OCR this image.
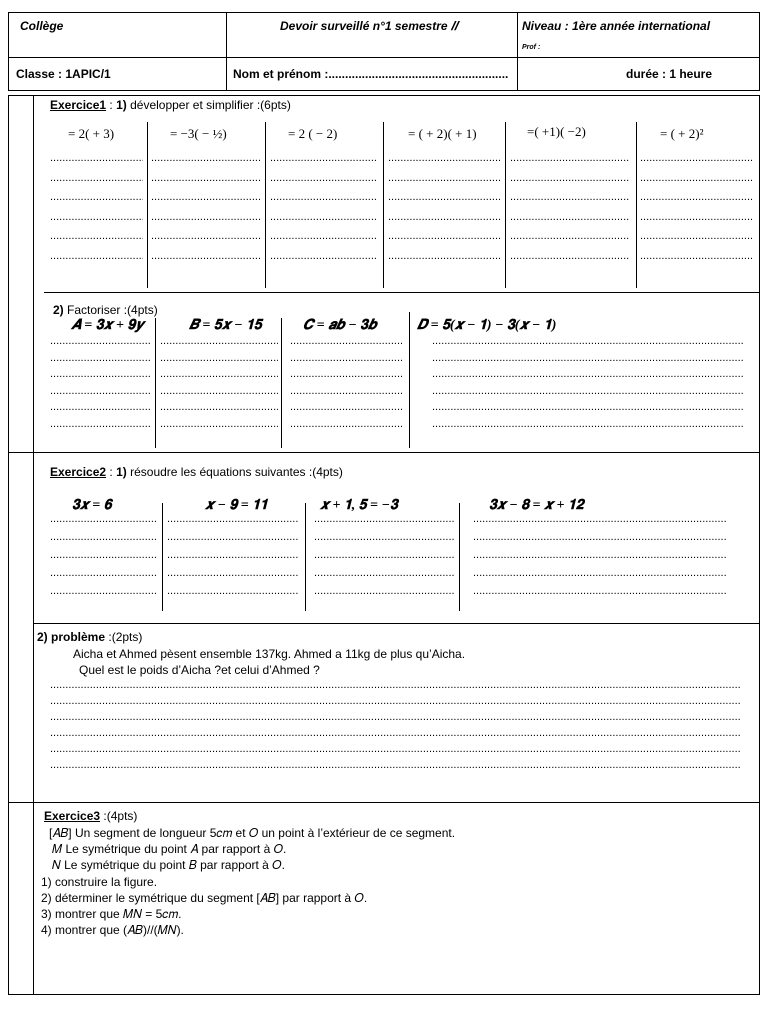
Collège	Devoir surveillé n°1 semestre 𝐼𝐼	Niveau : 1ère année international
Prof :
Classe : 1APIC/1	Nom et prénom :......................................................	durée : 1 heure
Exercice1 : 1) développer et simplifier :(6pts)
= 2( + 3)	= −3( − ½)	= 2 ( − 2)	= ( + 2)( + 1)	=( +1)( −2)	= ( + 2)²
.....
.....
.....
.....
.....
.....
.....
.....
.....
.....
.....
.....
.....
.....
.....
.....
.....
.....
.....
.....
.....
.....
.....
.....
.....
.....
.....
.....
.....
.....
.....
.....
.....
.....
.....
.....
2) Factoriser :(4pts)
𝑨 = 𝟑𝒙 + 𝟗𝒚	𝑩 = 𝟓𝒙 − 𝟏𝟓	𝑪 = 𝒂𝒃 − 𝟑𝒃	𝑫 = 𝟓(𝒙 − 𝟏) − 𝟑(𝒙 − 𝟏)
.....
.....
.....
.....
.....
.....
.....
.....
.....
.....
.....
.....
.....
.....
.....
.....
.....
.....
.....
.....
.....
.....
.....
.....
Exercice2 : 1) résoudre les équations suivantes :(4pts)
𝟑𝒙 = 𝟔	𝒙 − 𝟗 = 𝟏𝟏	𝒙 + 𝟏, 𝟓 = −𝟑	𝟑𝒙 − 𝟖 = 𝒙 + 𝟏𝟐
.....
.....
.....
.....
.....
.....
.....
.....
.....
.....
.....
.....
.....
.....
.....
.....
.....
.....
.....
.....
2) problème :(2pts)
Aicha et Ahmed pèsent ensemble 137kg. Ahmed a 11kg de plus qu’Aicha.
Quel est le poids d’Aicha ?et celui d’Ahmed ?
.....
.....
.....
.....
.....
.....
Exercice3 :(4pts)
[𝐴𝐵] Un segment de longueur 5𝑐𝑚 et 𝑂 un point à l’extérieur de ce segment.
𝑀 Le symétrique du point 𝐴 par rapport à 𝑂.
𝑁 Le symétrique du point 𝐵 par rapport à 𝑂.
1) construire la figure.
2) déterminer le symétrique du segment [𝐴𝐵] par rapport à 𝑂.
3) montrer que 𝑀𝑁 = 5𝑐𝑚.
4) montrer que (𝐴𝐵)//(𝑀𝑁).
